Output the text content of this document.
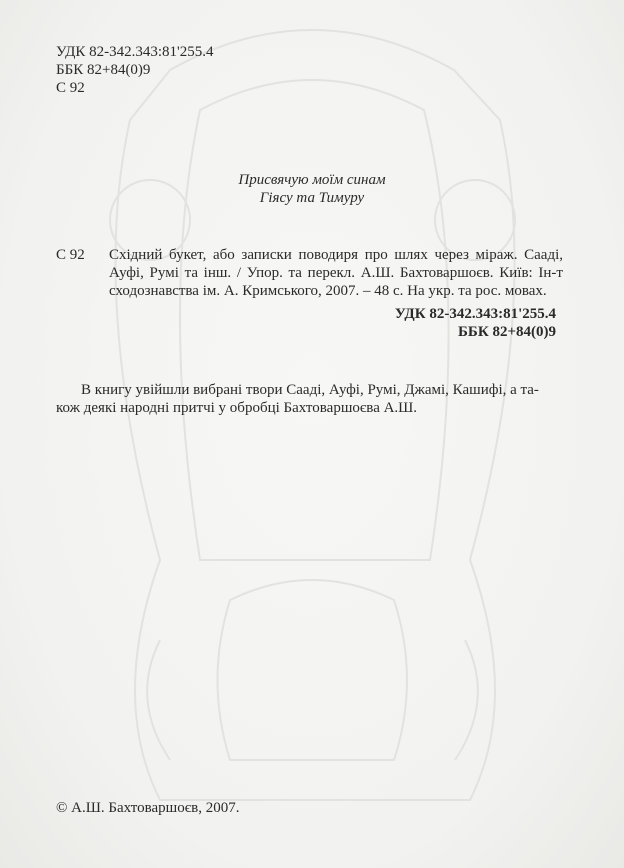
УДК 82-342.343:81'255.4
ББК 82+84(0)9
С 92
Присвячую моїм синам
Гіясу та Тимуру
С 92 Східний букет, або записки поводиря про шлях через міраж. Сааді,
Ауфі, Румі та інш. / Упор. та перекл. А.Ш. Бахтоваршоєв. Київ: Ін-т
сходознавства ім. А. Кримського, 2007. – 48 с. На укр. та рос. мовах.
УДК 82-342.343:81'255.4
ББК 82+84(0)9
В книгу увійшли вибрані твори Сааді, Ауфі, Румі, Джамі, Кашифі, а та-
кож деякі народні притчі у обробці Бахтоваршоєва А.Ш.
© А.Ш. Бахтоваршоєв, 2007.
